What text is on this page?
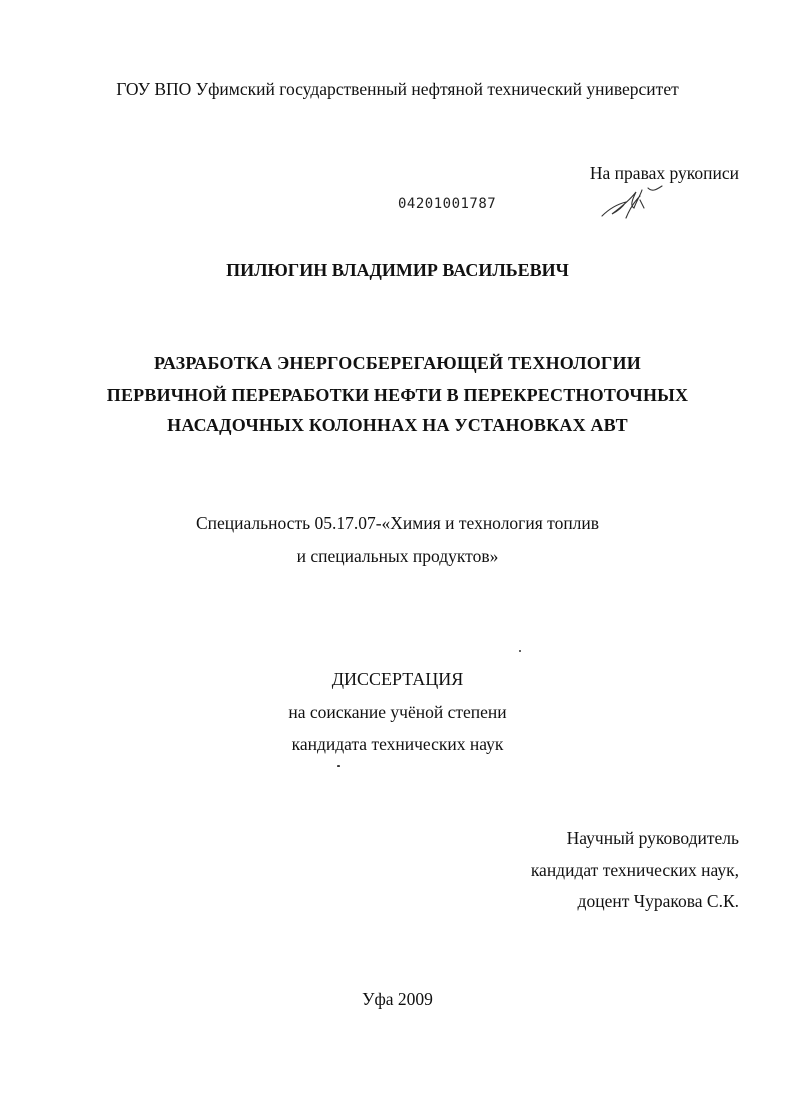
ГОУ ВПО Уфимский государственный нефтяной технический университет
На правах рукописи
04201001787
ПИЛЮГИН ВЛАДИМИР ВАСИЛЬЕВИЧ
РАЗРАБОТКА ЭНЕРГОСБЕРЕГАЮЩЕЙ ТЕХНОЛОГИИ
ПЕРВИЧНОЙ ПЕРЕРАБОТКИ НЕФТИ В ПЕРЕКРЕСТНОТОЧНЫХ
НАСАДОЧНЫХ КОЛОННАХ НА УСТАНОВКАХ АВТ
Специальность 05.17.07-«Химия и технология топлив
и специальных продуктов»
ДИССЕРТАЦИЯ
на соискание учёной степени
кандидата технических наук
Научный руководитель
кандидат технических наук,
доцент Чуракова С.К.
Уфа 2009
